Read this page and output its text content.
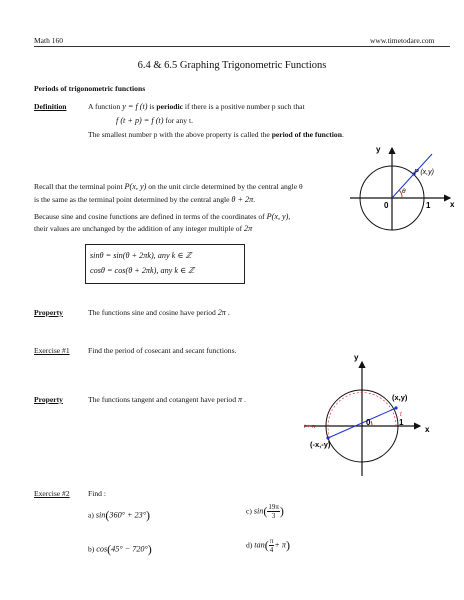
Math 160	www.timetodare.com
6.4 & 6.5 Graphing Trigonometric Functions
Periods of trigonometric functions
Definition	A function y = f (t) is periodic if there is a positive number p such that
f (t + p) = f (t) for any t.
The smallest number p with the above property is called the period of the function.
Recall that the terminal point P(x, y) on the unit circle determined by the central angle θ
is the same as the terminal point determined by the central angle θ + 2π.
Because sine and cosine functions are defined in terms of the coordinates of P(x, y),
their values are unchanged by the addition of any integer multiple of 2π
sinθ = sin(θ + 2πk), any k ∈ ℤ
cosθ = cos(θ + 2πk), any k ∈ ℤ
Property	The functions sine and cosine have period 2π .
Exercise #1 Find the period of cosecant and secant functions.
Property	The functions tangent and cotangent have period π .
Exercise #2 Find :
a) sin(360° + 23°)
b) cos(45° − 720°)
c) $\sin( \frac{19\pi}{3}$ )
d) $\tan( \frac{\pi}{4} + \pi)$
y
x
P (x,y)
0	1
θ
y
x
(x,y)
(-x,-y)
0	1
t + π
t
